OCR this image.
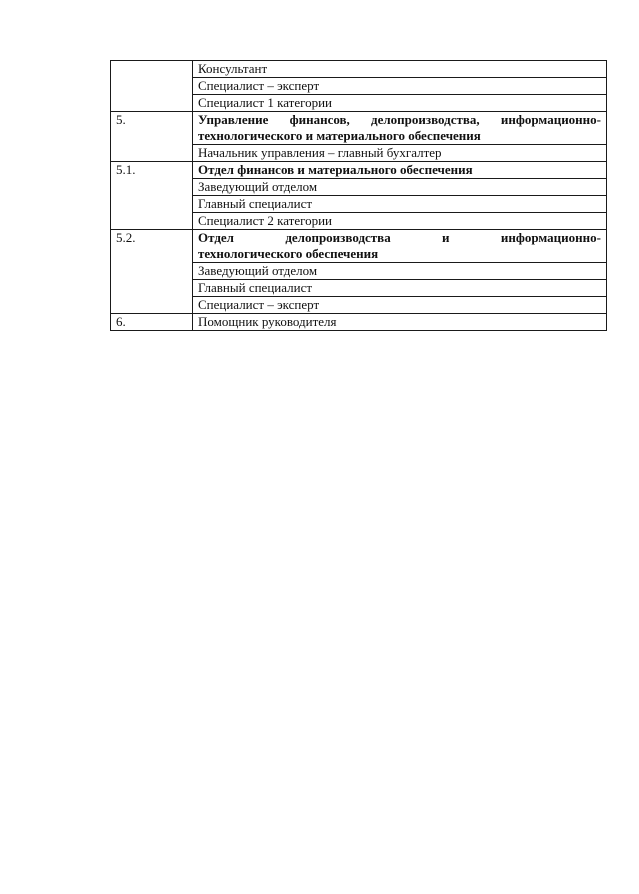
	Консультант
	Специалист – эксперт
	Специалист 1 категории
5.	Управление финансов, делопроизводства, информационно-технологического и материального обеспечения
	Начальник управления – главный бухгалтер
5.1.	Отдел финансов и материального обеспечения
	Заведующий отделом
	Главный специалист
	Специалист 2 категории
5.2.	Отдел делопроизводства и информационно-
технологического обеспечения

	Заведующий отделом
	Главный специалист
	Специалист – эксперт
6.	Помощник руководителя
